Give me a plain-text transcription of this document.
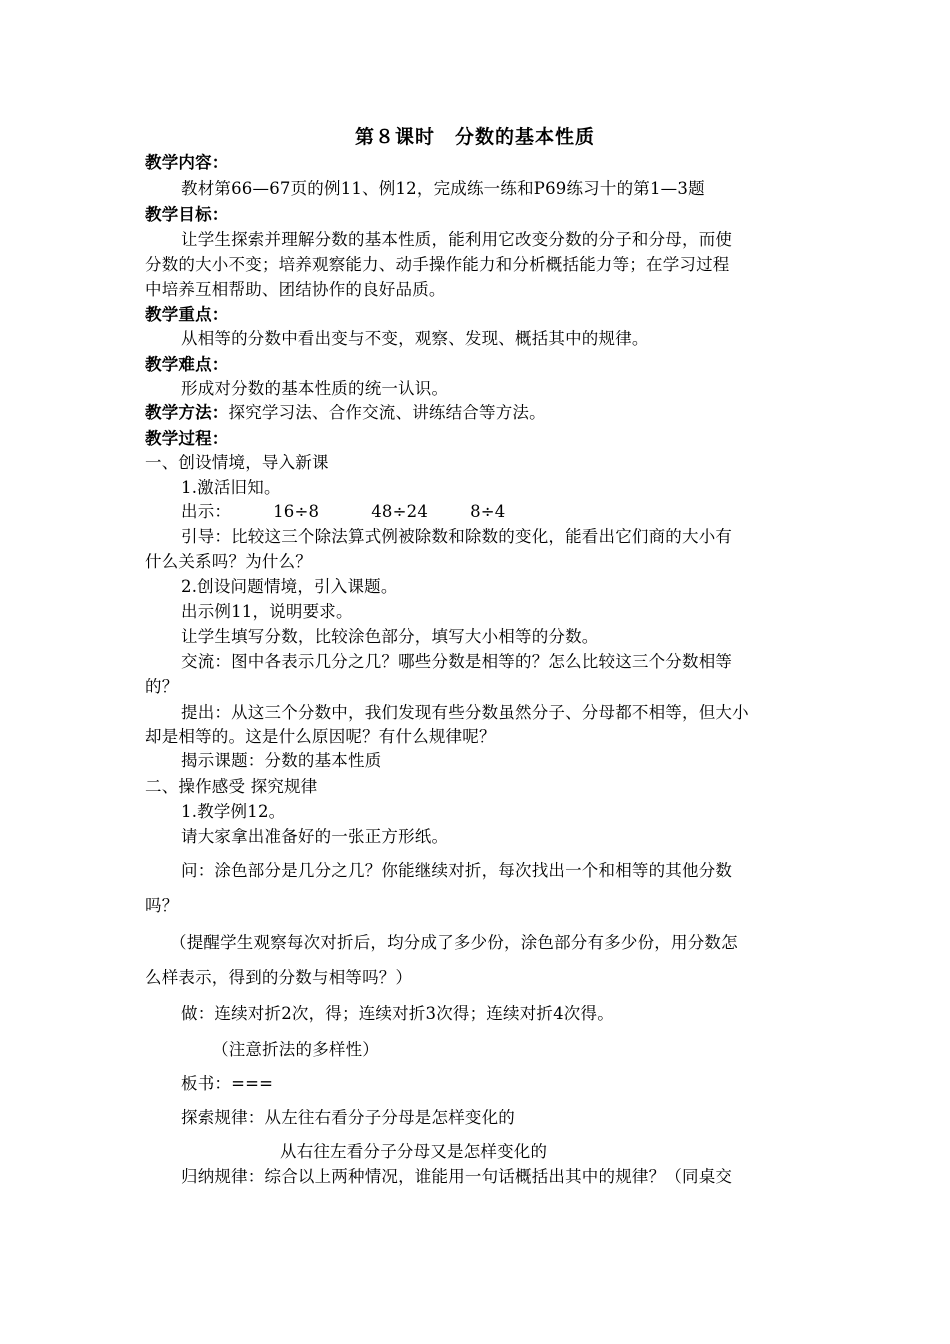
第８课时　分数的基本性质
教学内容：
教材第66—67页的例11、例12，完成练一练和P69练习十的第1—3题
教学目标：
让学生探索并理解分数的基本性质，能利用它改变分数的分子和分母，而使
分数的大小不变；培养观察能力、动手操作能力和分析概括能力等；在学习过程
中培养互相帮助、团结协作的良好品质。
教学重点：
从相等的分数中看出变与不变，观察、发现、概括其中的规律。
教学难点：
形成对分数的基本性质的统一认识。
教学方法：探究学习法、合作交流、讲练结合等方法。
教学过程：
一、创设情境，导入新课
1.激活旧知。
出示：	16÷8	48÷24	8÷4
引导：比较这三个除法算式例被除数和除数的变化，能看出它们商的大小有
什么关系吗？为什么？
2.创设问题情境，引入课题。
出示例11，说明要求。
让学生填写分数，比较涂色部分，填写大小相等的分数。
交流：图中各表示几分之几？哪些分数是相等的？怎么比较这三个分数相等
的？
提出：从这三个分数中，我们发现有些分数虽然分子、分母都不相等，但大小
却是相等的。这是什么原因呢？有什么规律呢？
揭示课题：分数的基本性质
二、操作感受 探究规律
1.教学例12。
请大家拿出准备好的一张正方形纸。
问：涂色部分是几分之几？你能继续对折，每次找出一个和相等的其他分数
吗？
（提醒学生观察每次对折后，均分成了多少份，涂色部分有多少份，用分数怎
么样表示，得到的分数与相等吗？）
做：连续对折2次，得；连续对折3次得；连续对折4次得。
（注意折法的多样性）
板书：===
探索规律：从左往右看分子分母是怎样变化的
从右往左看分子分母又是怎样变化的
归纳规律：综合以上两种情况，谁能用一句话概括出其中的规律？（同桌交
